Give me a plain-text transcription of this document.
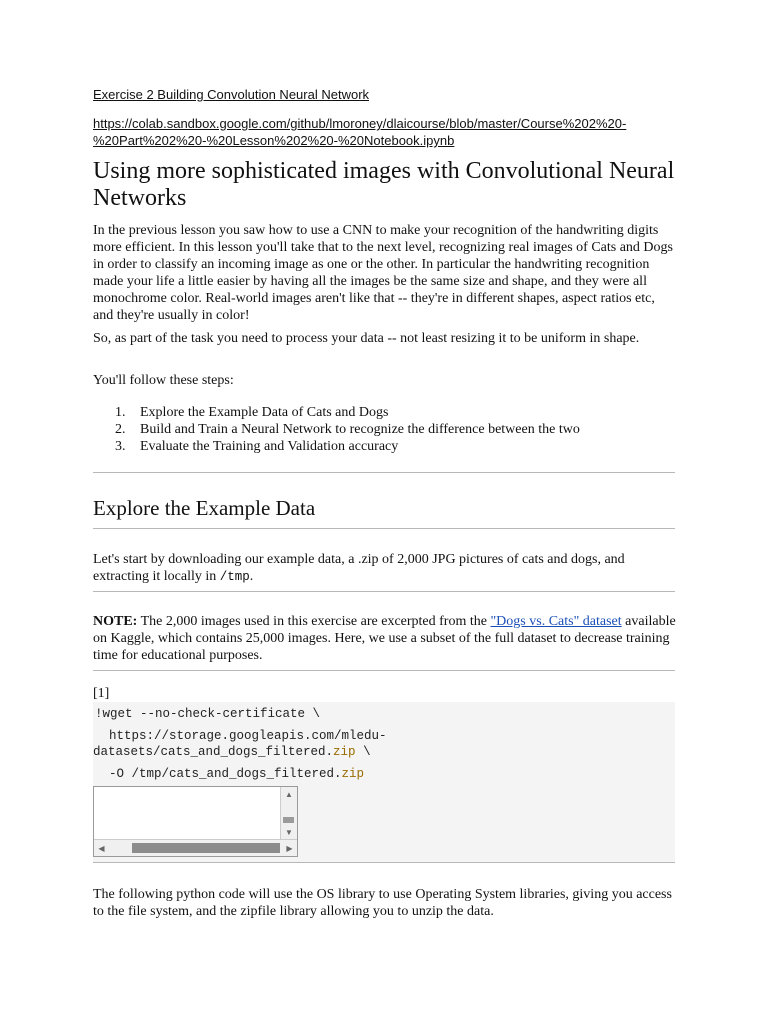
Exercise 2 Building Convolution Neural Network
https://colab.sandbox.google.com/github/lmoroney/dlaicourse/blob/master/Course%202%20-
%20Part%202%20-%20Lesson%202%20-%20Notebook.ipynb
Using more sophisticated images with Convolutional Neural Networks
In the previous lesson you saw how to use a CNN to make your recognition of the handwriting digits more efficient. In this lesson you'll take that to the next level, recognizing real images of Cats and Dogs in order to classify an incoming image as one or the other. In particular the handwriting recognition made your life a little easier by having all the images be the same size and shape, and they were all monochrome color. Real-world images aren't like that -- they're in different shapes, aspect ratios etc, and they're usually in color!
So, as part of the task you need to process your data -- not least resizing it to be uniform in shape.
You'll follow these steps:
1.	Explore the Example Data of Cats and Dogs
2.	Build and Train a Neural Network to recognize the difference between the two
3.	Evaluate the Training and Validation accuracy
Explore the Example Data
Let's start by downloading our example data, a .zip of 2,000 JPG pictures of cats and dogs, and extracting it locally in /tmp.
NOTE: The 2,000 images used in this exercise are excerpted from the "Dogs vs. Cats" dataset available on Kaggle, which contains 25,000 images. Here, we use a subset of the full dataset to decrease training time for educational purposes.
[1]
!wget --no-check-certificate \
https://storage.googleapis.com/mledu-
datasets/cats_and_dogs_filtered.zip \
-O /tmp/cats_and_dogs_filtered.zip
▲
▼
◀	▶
The following python code will use the OS library to use Operating System libraries, giving you access to the file system, and the zipfile library allowing you to unzip the data.
